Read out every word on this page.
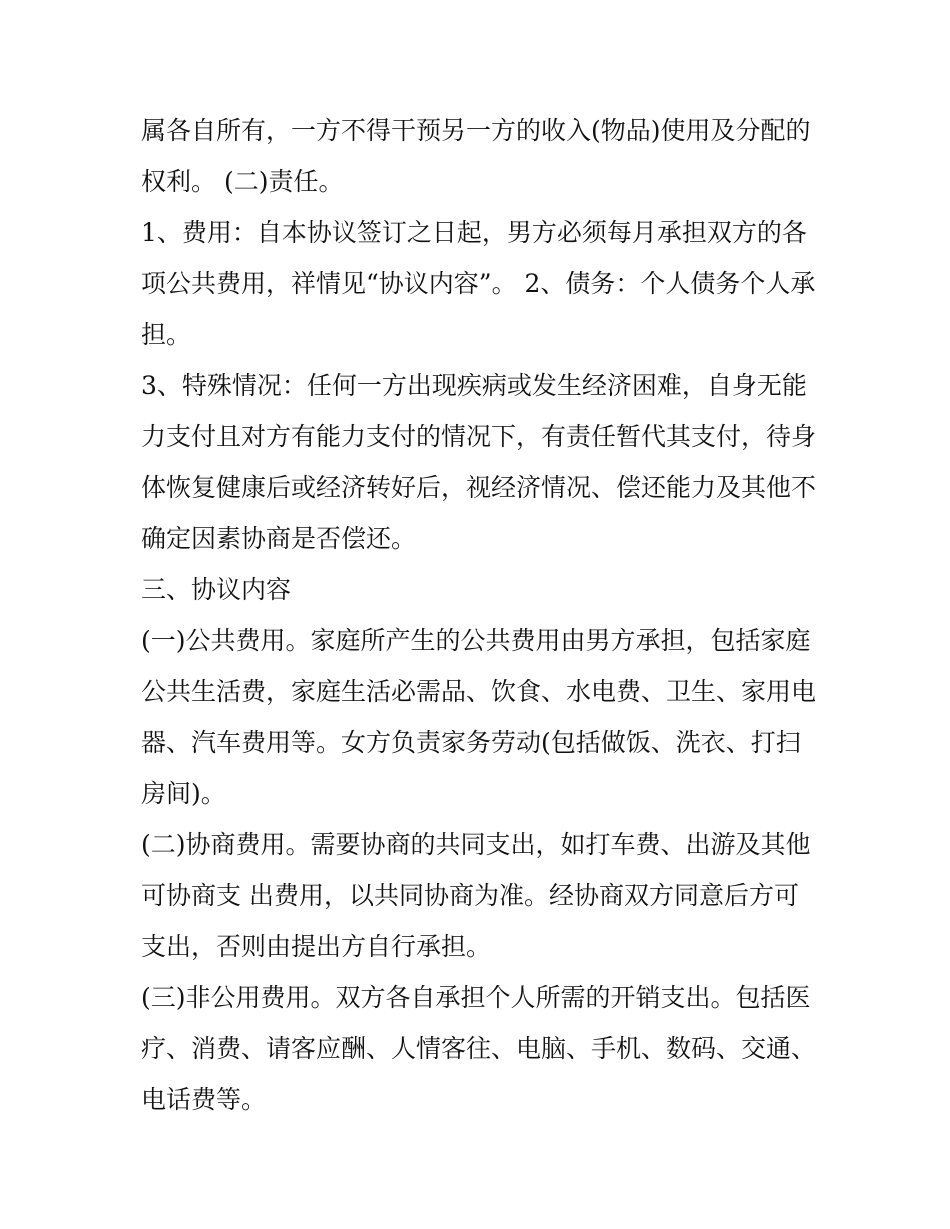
属各自所有，一方不得干预另一方的收入(物品)使用及分配的
权利。 (二)责任。
1、费用：自本协议签订之日起，男方必须每月承担双方的各
项公共费用，祥情见“协议内容”。 2、债务：个人债务个人承
担。
3、特殊情况：任何一方出现疾病或发生经济困难，自身无能
力支付且对方有能力支付的情况下，有责任暂代其支付，待身
体恢复健康后或经济转好后，视经济情况、偿还能力及其他不
确定因素协商是否偿还。
三、协议内容
(一)公共费用。家庭所产生的公共费用由男方承担，包括家庭
公共生活费，家庭生活必需品、饮食、水电费、卫生、家用电
器、汽车费用等。女方负责家务劳动(包括做饭、洗衣、打扫
房间)。
(二)协商费用。需要协商的共同支出，如打车费、出游及其他
可协商支 出费用，以共同协商为准。经协商双方同意后方可
支出，否则由提出方自行承担。
(三)非公用费用。双方各自承担个人所需的开销支出。包括医
疗、消费、请客应酬、人情客往、电脑、手机、数码、交通、
电话费等。
